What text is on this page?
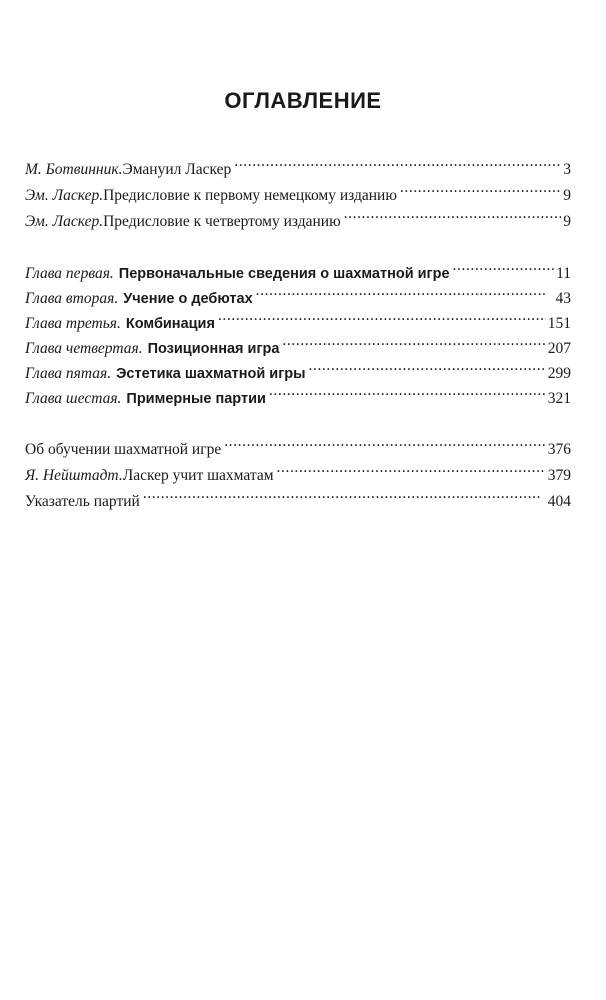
ОГЛАВЛЕНИЕ
М. Ботвинник. Эмануил Ласкер .....	3
Эм. Ласкер. Предисловие к первому немецкому изданию .....	9
Эм. Ласкер. Предисловие к четвертому изданию .....	9
Глава первая. Первоначальные сведения о шахматной игре .....	11
Глава вторая. Учение о дебютах .....	43
Глава третья. Комбинация .....	151
Глава четвертая. Позиционная игра .....	207
Глава пятая. Эстетика шахматной игры .....	299
Глава шестая. Примерные партии .....	321
Об обучении шахматной игре .....	376
Я. Нейштадт. Ласкер учит шахматам .....	379
Указатель партий .....	404
